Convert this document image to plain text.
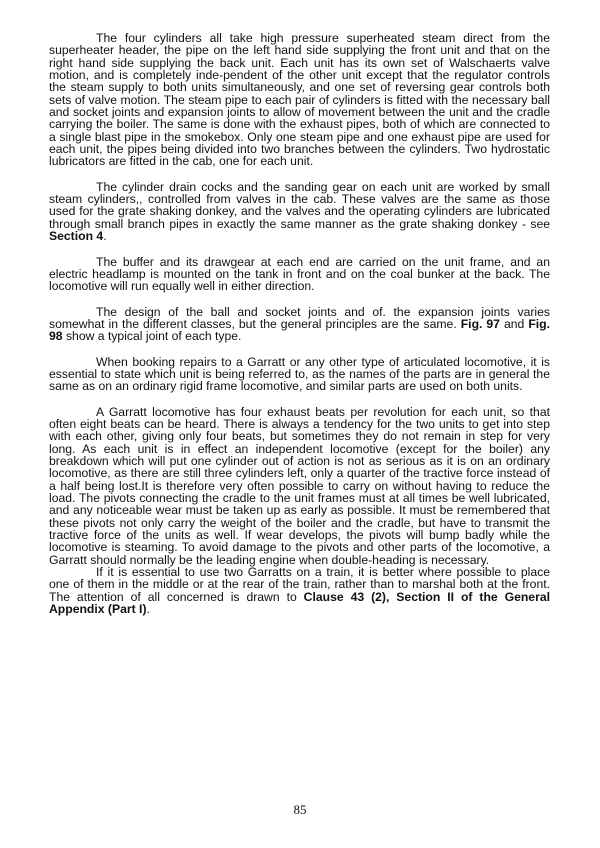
The four cylinders all take high pressure superheated steam direct from the superheater header, the pipe on the left hand side supplying the front unit and that on the right hand side supplying the back unit. Each unit has its own set of Walschaerts valve motion, and is completely inde-pendent of the other unit except that the regulator controls the steam supply to both units simultaneously, and one set of reversing gear controls both sets of valve motion. The steam pipe to each pair of cylinders is fitted with the necessary ball and socket joints and expansion joints to allow of movement between the unit and the cradle carrying the boiler. The same is done with the exhaust pipes, both of which are connected to a single blast pipe in the smokebox. Only one steam pipe and one exhaust pipe are used for each unit, the pipes being divided into two branches between the cylinders. Two hydrostatic lubricators are fitted in the cab, one for each unit.

The cylinder drain cocks and the sanding gear on each unit are worked by small steam cylinders,, controlled from valves in the cab. These valves are the same as those used for the grate shaking donkey, and the valves and the operating cylinders are lubricated through small branch pipes in exactly the same manner as the grate shaking donkey - see Section 4.

The buffer and its drawgear at each end are carried on the unit frame, and an electric headlamp is mounted on the tank in front and on the coal bunker at the back. The locomotive will run equally well in either direction.

The design of the ball and socket joints and of. the expansion joints varies somewhat in the different classes, but the general principles are the same. Fig. 97 and Fig. 98 show a typical joint of each type.

When booking repairs to a Garratt or any other type of articulated locomotive, it is essential to state which unit is being referred to, as the names of the parts are in general the same as on an ordinary rigid frame locomotive, and similar parts are used on both units.

A Garratt locomotive has four exhaust beats per revolution for each unit, so that often eight beats can be heard. There is always a tendency for the two units to get into step with each other, giving only four beats, but sometimes they do not remain in step for very long. As each unit is in effect an independent locomotive (except for the boiler) any breakdown which will put one cylinder out of action is not as serious as it is on an ordinary locomotive, as there are still three cylinders left, only a quarter of the tractive force instead of a half being lost.It is therefore very often possible to carry on without having to reduce the load. The pivots connecting the cradle to the unit frames must at all times be well lubricated, and any noticeable wear must be taken up as early as possible. It must be remembered that these pivots not only carry the weight of the boiler and the cradle, but have to transmit the tractive force of the units as well. If wear develops, the pivots will bump badly while the locomotive is steaming. To avoid damage to the pivots and other parts of the locomotive, a Garratt should normally be the leading engine when double-heading is necessary.

If it is essential to use two Garratts on a train, it is better where possible to place one of them in the middle or at the rear of the train, rather than to marshal both at the front. The attention of all concerned is drawn to Clause 43 (2), Section II of the General Appendix (Part I).

85
